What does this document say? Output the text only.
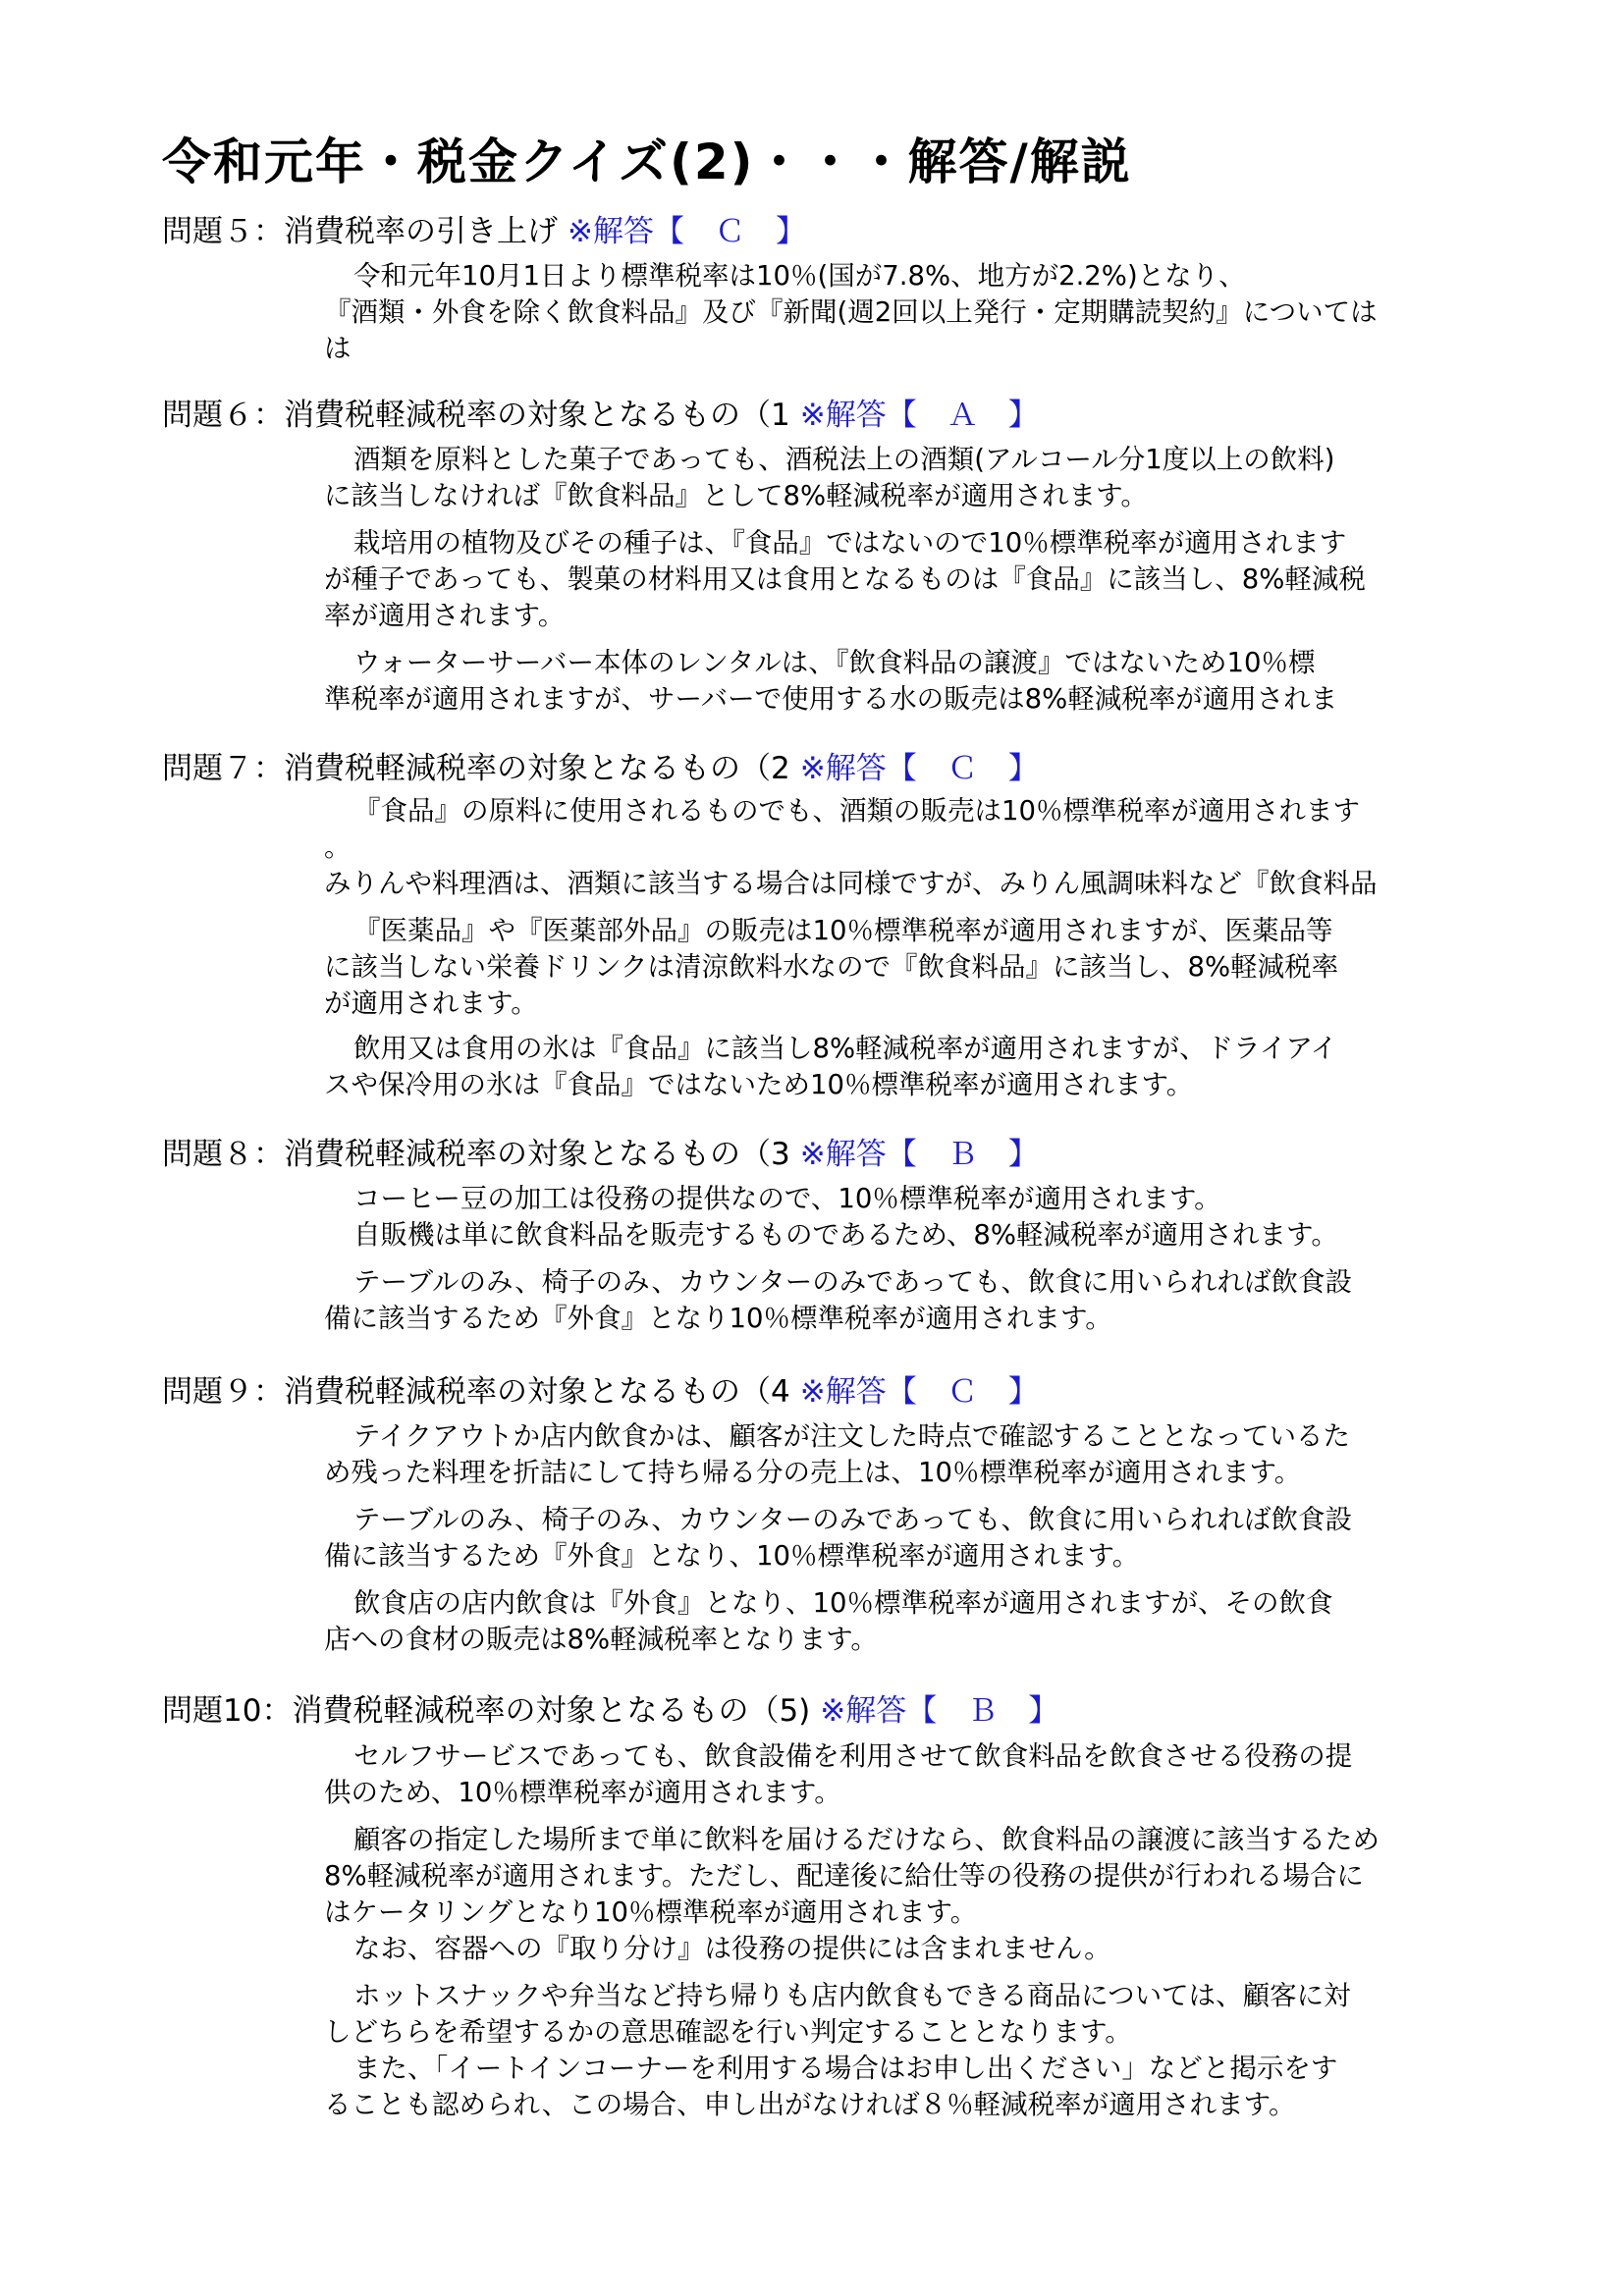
令和元年・税金クイズ(2)・・・解答/解説
問題５：消費税率の引き上げ ※解答【　Ｃ　】
令和元年10月1日より標準税率は10％(国が7.8%、地方が2.2%)となり、
『酒類・外食を除く飲食料品』及び『新聞(週2回以上発行・定期購読契約』については
は
問題６：消費税軽減税率の対象となるもの（1 ※解答【　Ａ　】
酒類を原料とした菓子であっても、酒税法上の酒類(アルコール分1度以上の飲料)
に該当しなければ『飲食料品』として8%軽減税率が適用されます。
栽培用の植物及びその種子は、『食品』ではないので10％標準税率が適用されます
が種子であっても、製菓の材料用又は食用となるものは『食品』に該当し、8%軽減税
率が適用されます。
ウォーターサーバー本体のレンタルは、『飲食料品の譲渡』ではないため10％標
準税率が適用されますが、サーバーで使用する水の販売は8%軽減税率が適用されま
問題７：消費税軽減税率の対象となるもの（2 ※解答【　Ｃ　】
『食品』の原料に使用されるものでも、酒類の販売は10％標準税率が適用されます
。
みりんや料理酒は、酒類に該当する場合は同様ですが、みりん風調味料など『飲食料品
『医薬品』や『医薬部外品』の販売は10％標準税率が適用されますが、医薬品等
に該当しない栄養ドリンクは清涼飲料水なので『飲食料品』に該当し、8%軽減税率
が適用されます。
飲用又は食用の氷は『食品』に該当し8%軽減税率が適用されますが、ドライアイ
スや保冷用の氷は『食品』ではないため10％標準税率が適用されます。
問題８：消費税軽減税率の対象となるもの（3 ※解答【　Ｂ　】
コーヒー豆の加工は役務の提供なので、10％標準税率が適用されます。
自販機は単に飲食料品を販売するものであるため、8%軽減税率が適用されます。
テーブルのみ、椅子のみ、カウンターのみであっても、飲食に用いられれば飲食設
備に該当するため『外食』となり10％標準税率が適用されます。
問題９：消費税軽減税率の対象となるもの（4 ※解答【　Ｃ　】
テイクアウトか店内飲食かは、顧客が注文した時点で確認することとなっているた
め残った料理を折詰にして持ち帰る分の売上は、10％標準税率が適用されます。
テーブルのみ、椅子のみ、カウンターのみであっても、飲食に用いられれば飲食設
備に該当するため『外食』となり、10％標準税率が適用されます。
飲食店の店内飲食は『外食』となり、10％標準税率が適用されますが、その飲食
店への食材の販売は8%軽減税率となります。
問題10：消費税軽減税率の対象となるもの（5) ※解答【　Ｂ　】
セルフサービスであっても、飲食設備を利用させて飲食料品を飲食させる役務の提
供のため、10％標準税率が適用されます。
顧客の指定した場所まで単に飲料を届けるだけなら、飲食料品の譲渡に該当するため
8%軽減税率が適用されます。ただし、配達後に給仕等の役務の提供が行われる場合に
はケータリングとなり10％標準税率が適用されます。
なお、容器への『取り分け』は役務の提供には含まれません。
ホットスナックや弁当など持ち帰りも店内飲食もできる商品については、顧客に対
しどちらを希望するかの意思確認を行い判定することとなります。
また、「イートインコーナーを利用する場合はお申し出ください」などと掲示をす
ることも認められ、この場合、申し出がなければ８％軽減税率が適用されます。
